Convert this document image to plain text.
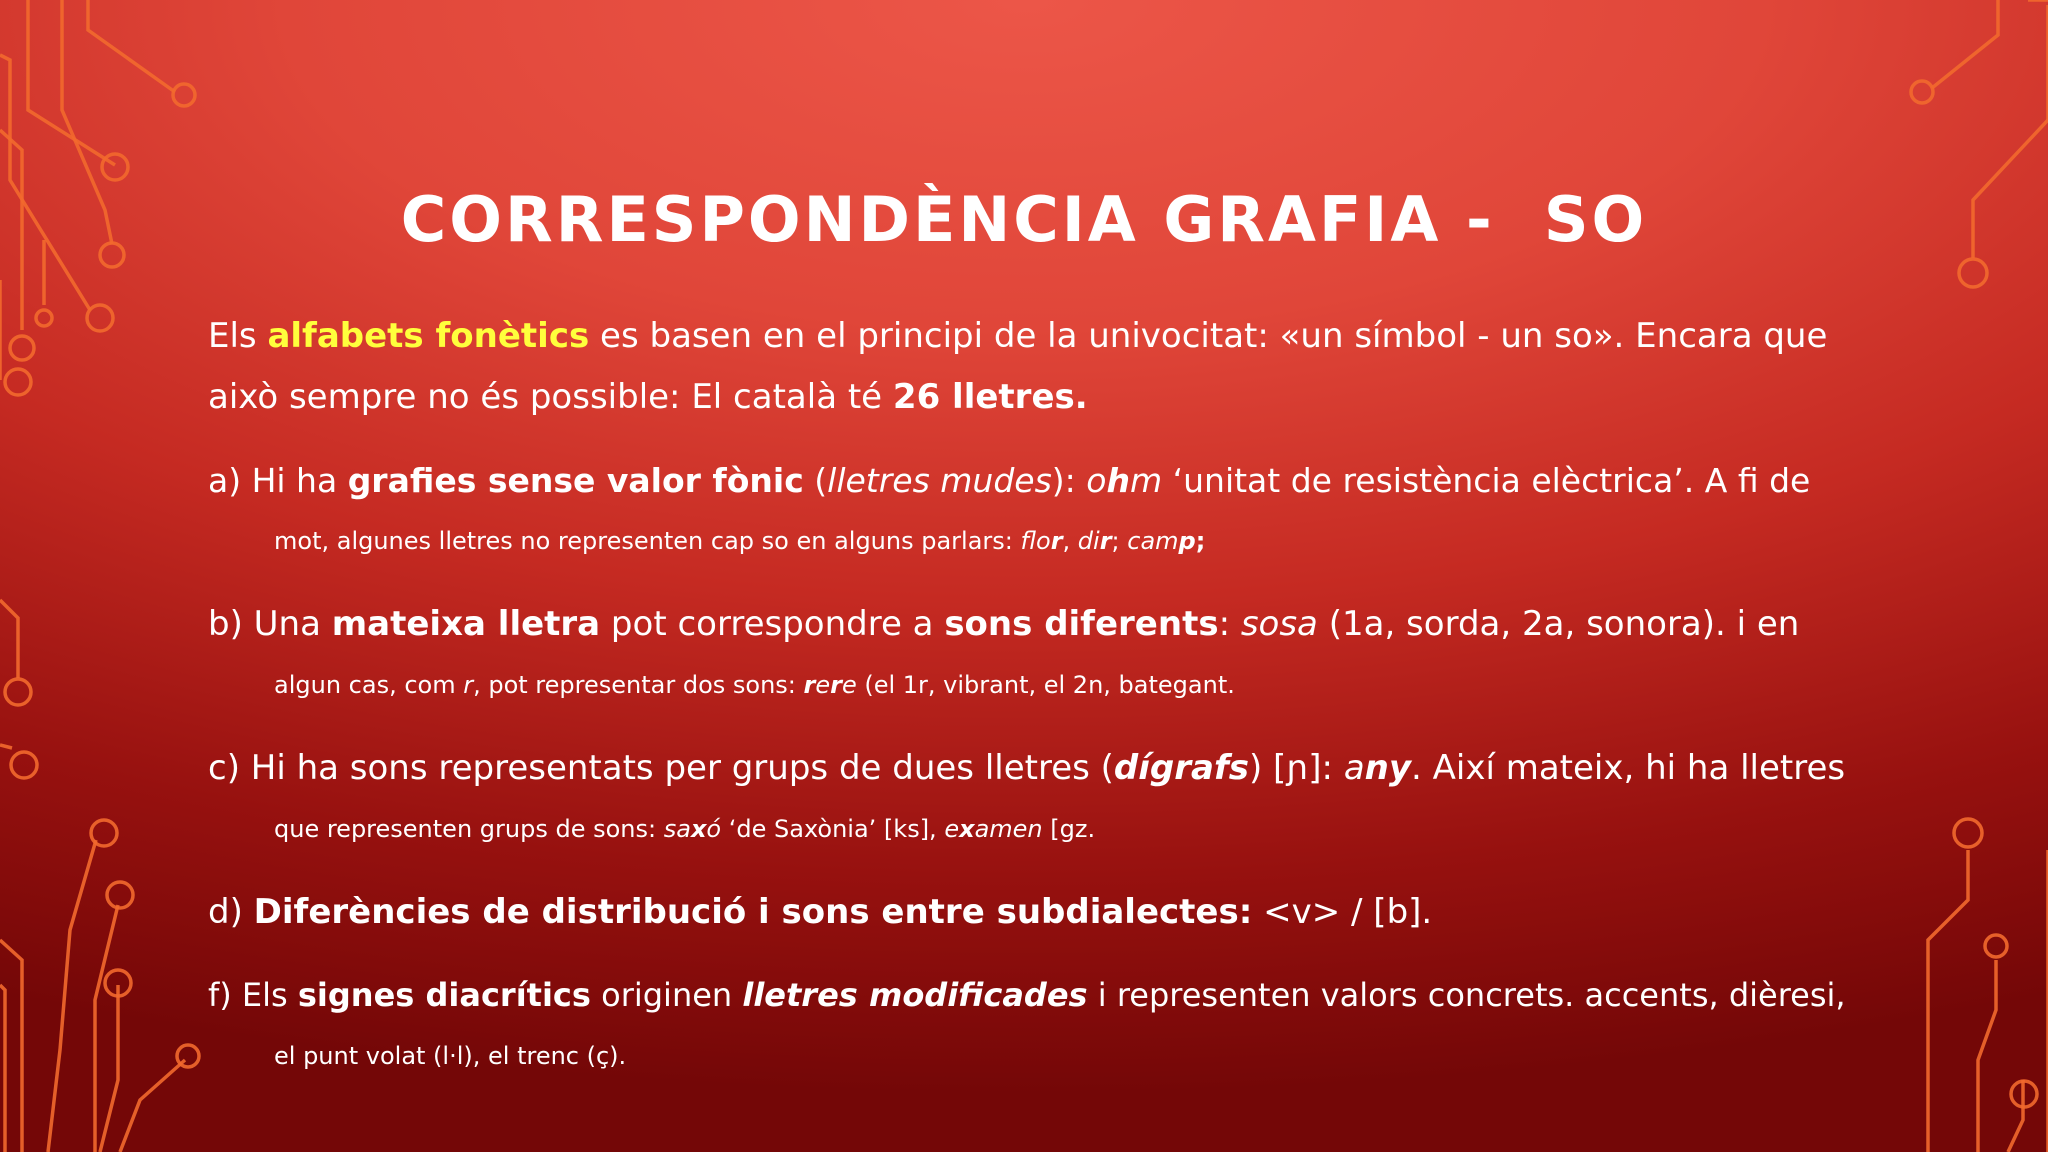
CORRESPONDÈNCIA GRAFIA -  SO
Els alfabets fonètics es basen en el principi de la univocitat: «un símbol - un so». Encara que
això sempre no és possible: El català té 26 lletres.
a) Hi ha grafies sense valor fònic (lletres mudes): ohm ‘unitat de resistència elèctrica’. A fi de
mot, algunes lletres no representen cap so en alguns parlars: flor, dir; camp;
b) Una mateixa lletra pot correspondre a sons diferents: sosa (1a, sorda, 2a, sonora). i en
algun cas, com r, pot representar dos sons: rere (el 1r, vibrant, el 2n, bategant.
c) Hi ha sons representats per grups de dues lletres (dígrafs) [ɲ]: any. Així mateix, hi ha lletres
que representen grups de sons: saxó ‘de Saxònia’ [ks], examen [gz.
d) Diferències de distribució i sons entre subdialectes: <v> / [b].
f) Els signes diacrítics originen lletres modificades i representen valors concrets. accents, dièresi,
el punt volat (l·l), el trenc (ç).
